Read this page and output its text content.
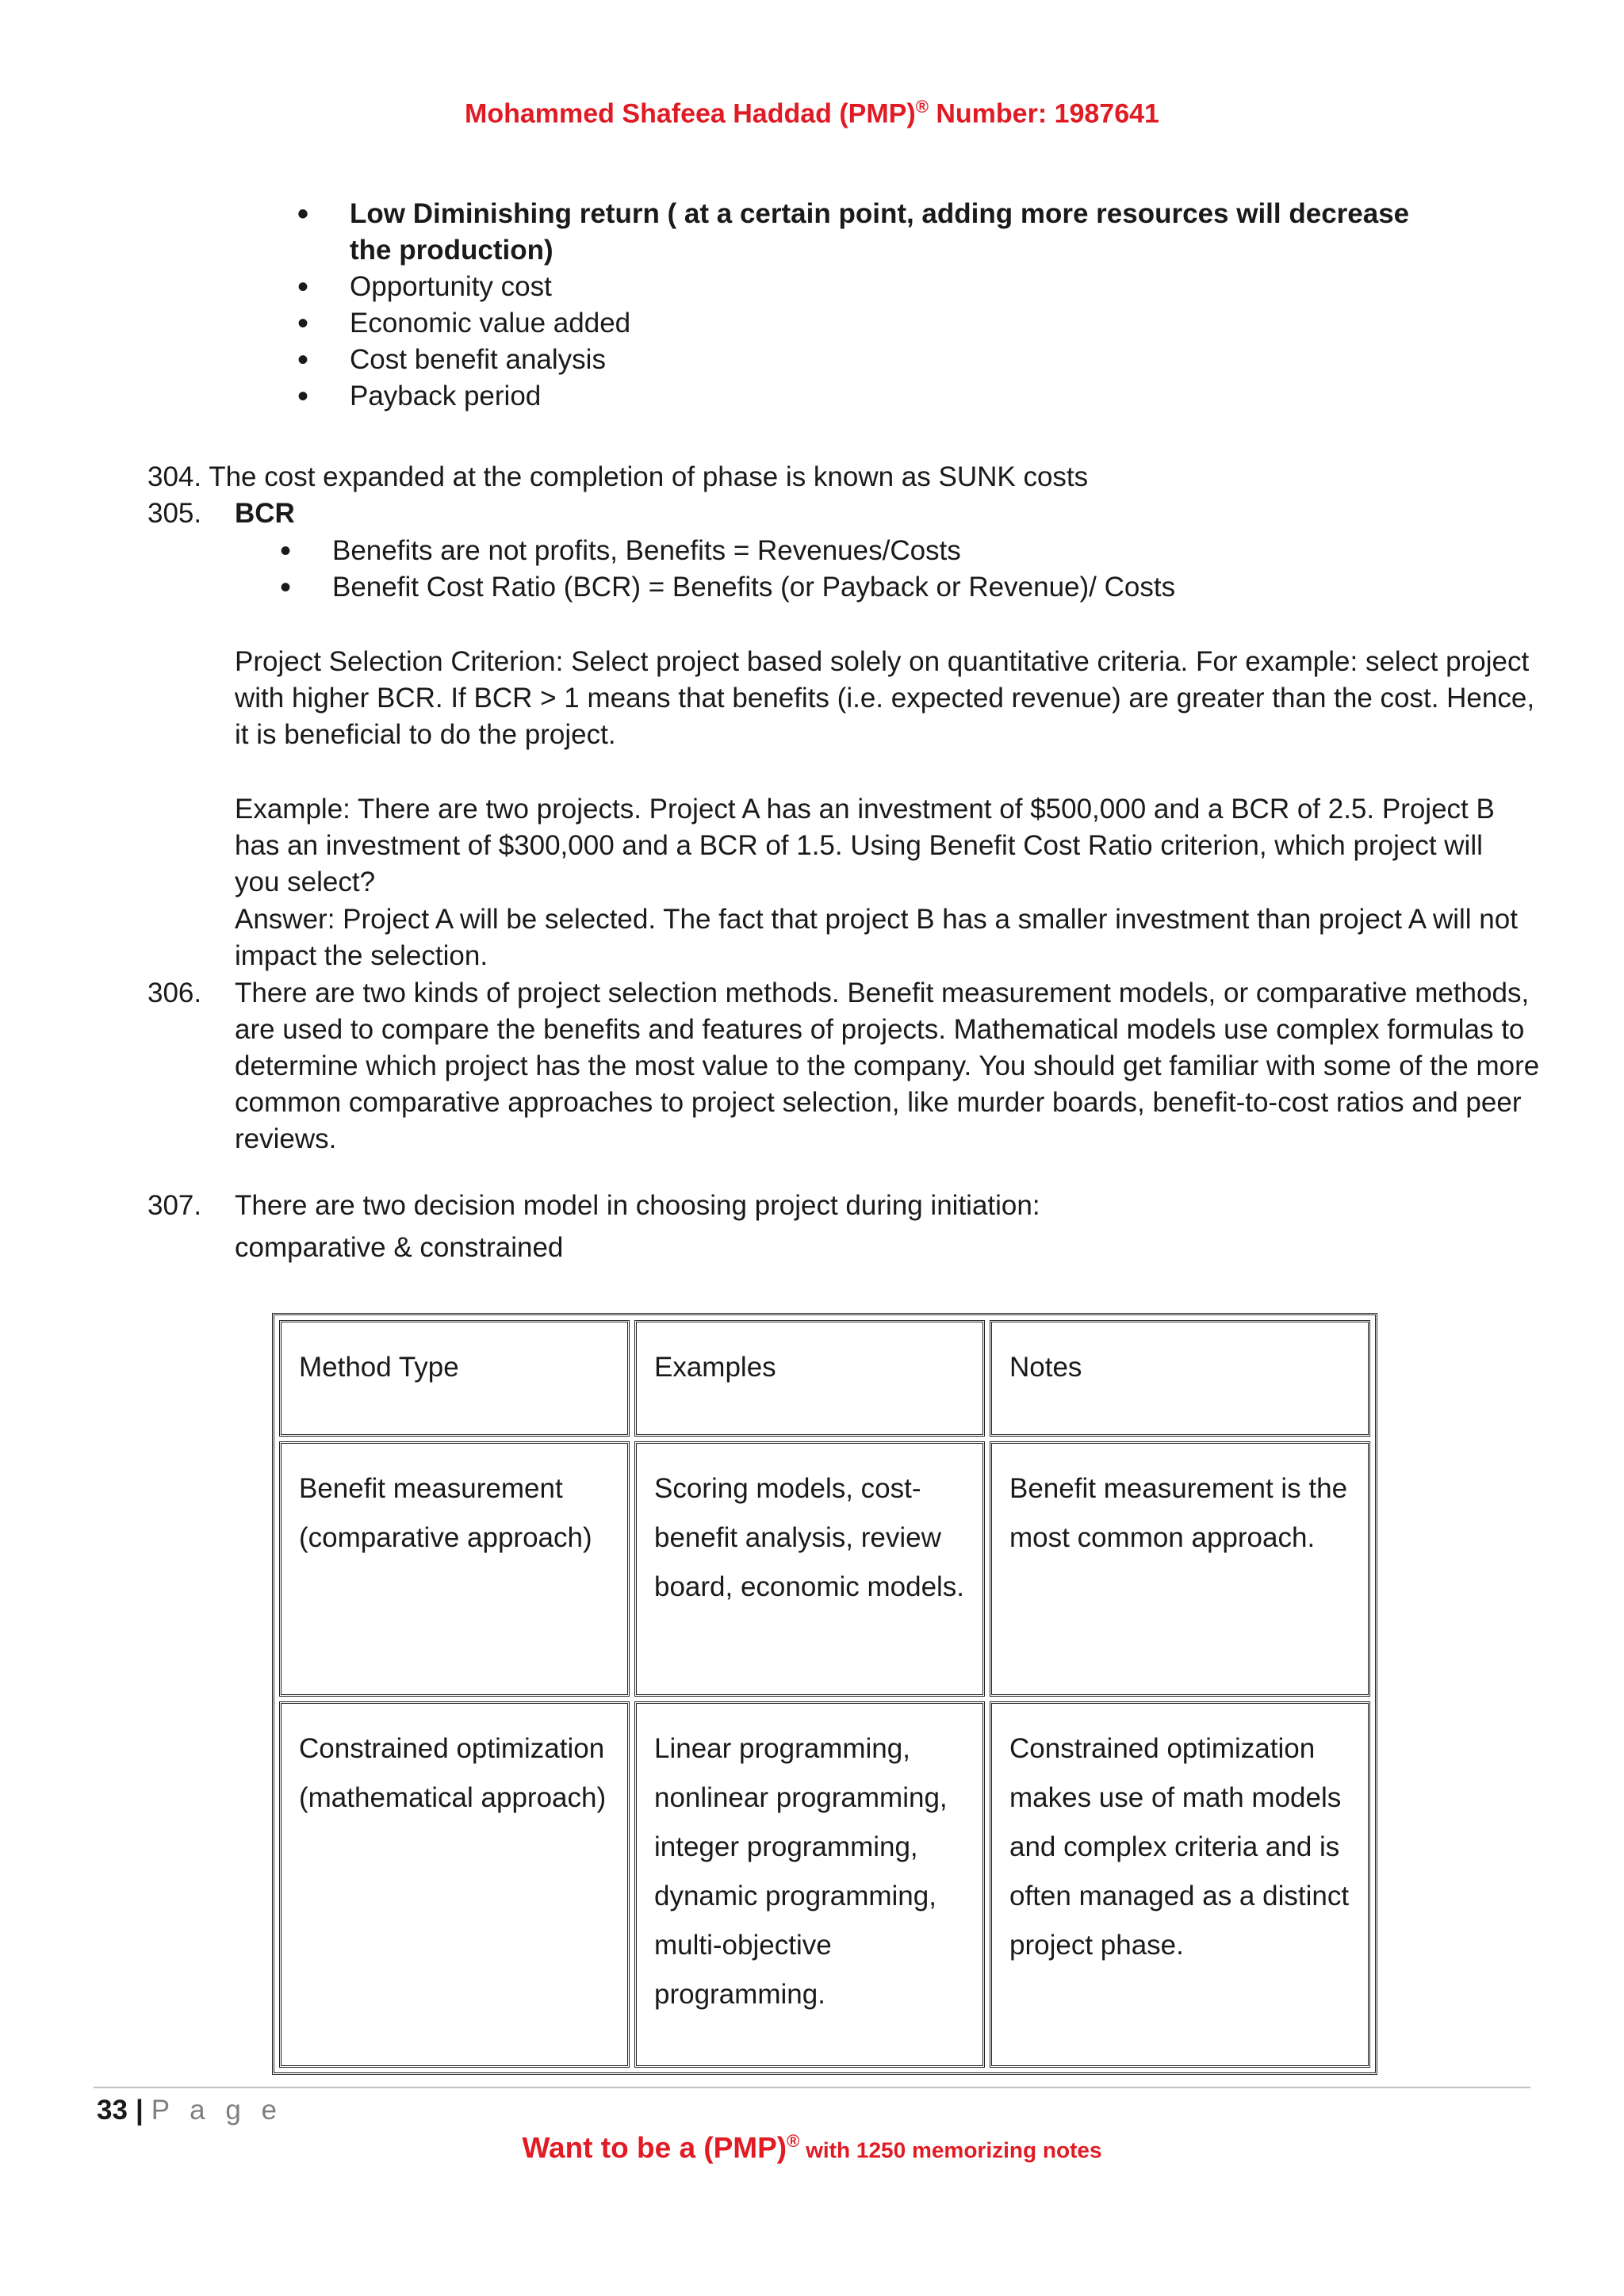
Mohammed Shafeea Haddad (PMP)® Number: 1987641
• Low Diminishing return ( at a certain point, adding more resources will decrease the production)
• Opportunity cost
• Economic value added
• Cost benefit analysis
• Payback period
304. The cost expanded at the completion of phase is known as SUNK costs
305. BCR
• Benefits are not profits, Benefits = Revenues/Costs
• Benefit Cost Ratio (BCR) = Benefits (or Payback or Revenue)/ Costs
Project Selection Criterion: Select project based solely on quantitative criteria. For example: select project with higher BCR. If BCR > 1 means that benefits (i.e. expected revenue) are greater than the cost. Hence, it is beneficial to do the project.
Example: There are two projects. Project A has an investment of $500,000 and a BCR of 2.5. Project B has an investment of $300,000 and a BCR of 1.5. Using Benefit Cost Ratio criterion, which project will you select?
Answer: Project A will be selected. The fact that project B has a smaller investment than project A will not impact the selection.
306. There are two kinds of project selection methods. Benefit measurement models, or comparative methods, are used to compare the benefits and features of projects. Mathematical models use complex formulas to determine which project has the most value to the company. You should get familiar with some of the more common comparative approaches to project selection, like murder boards, benefit-to-cost ratios and peer reviews.
307. There are two decision model in choosing project during initiation:
comparative & constrained
Method Type	Examples	Notes
Benefit measurement (comparative approach)	Scoring models, cost-benefit analysis, review board, economic models.	Benefit measurement is the most common approach.
Constrained optimization (mathematical approach)	Linear programming, nonlinear programming, integer programming, dynamic programming, multi-objective programming.	Constrained optimization makes use of math models and complex criteria and is often managed as a distinct project phase.
33 | P a g e
Want to be a (PMP)® with 1250 memorizing notes
